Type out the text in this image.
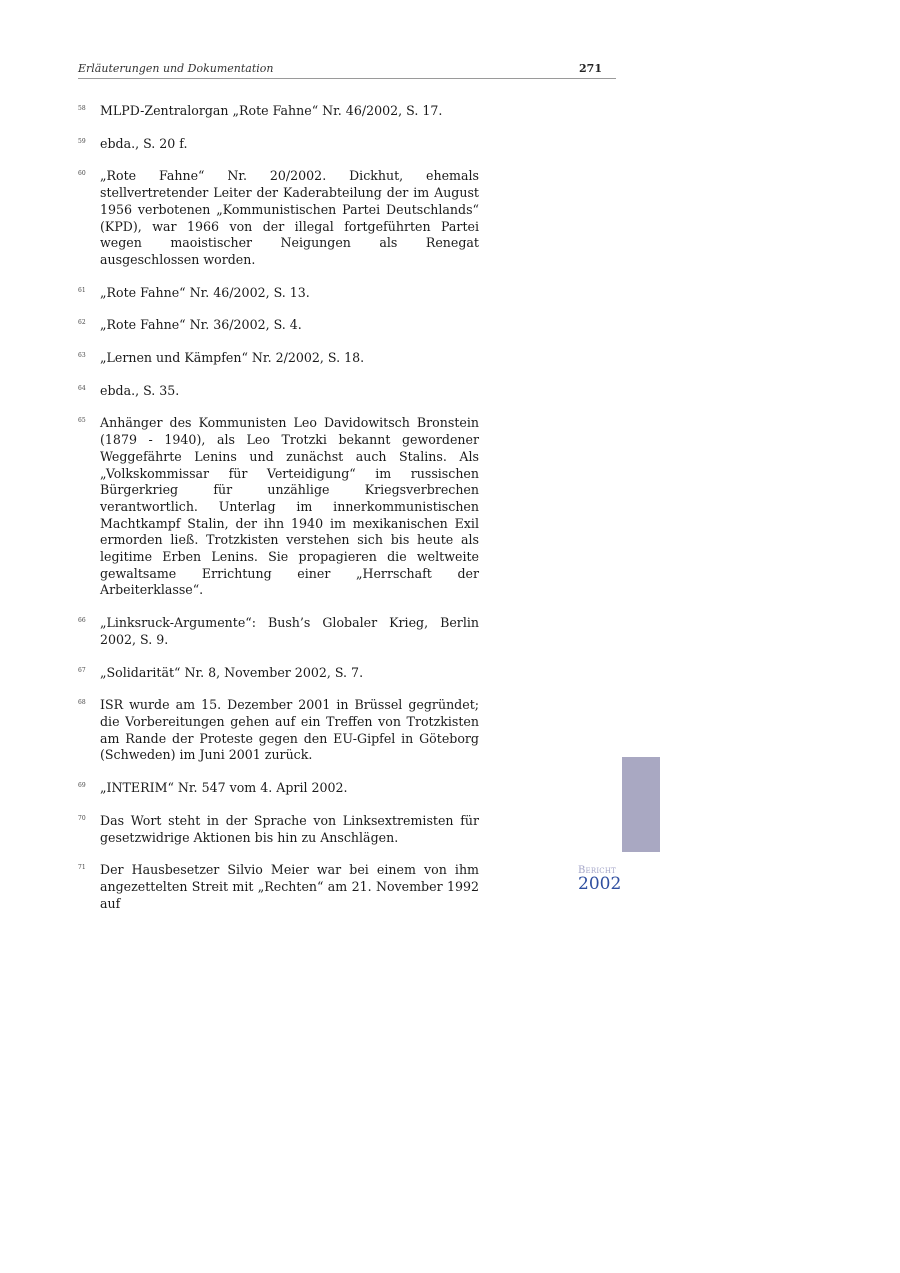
Erläuterungen und Dokumentation	271
58 MLPD-Zentralorgan „Rote Fahne“ Nr. 46/2002, S. 17.
59 ebda., S. 20 f.
60 „Rote Fahne“ Nr. 20/2002. Dickhut, ehemals stellvertretender Leiter der Kaderabteilung der im August 1956 verbotenen „Kommunistischen Partei Deutschlands“ (KPD), war 1966 von der illegal fortgeführten Partei wegen maoistischer Neigungen als Renegat ausgeschlossen worden.
61 „Rote Fahne“ Nr. 46/2002, S. 13.
62 „Rote Fahne“ Nr. 36/2002, S. 4.
63 „Lernen und Kämpfen“ Nr. 2/2002, S. 18.
64 ebda., S. 35.
65 Anhänger des Kommunisten Leo Davidowitsch Bronstein (1879 - 1940), als Leo Trotzki bekannt gewordener Weggefährte Lenins und zunächst auch Stalins. Als „Volkskommissar für Verteidigung“ im russischen Bürgerkrieg für unzählige Kriegsverbrechen verantwortlich. Unterlag im innerkommunistischen Machtkampf Stalin, der ihn 1940 im mexikanischen Exil ermorden ließ. Trotzkisten verstehen sich bis heute als legitime Erben Lenins. Sie propagieren die weltweite gewaltsame Errichtung einer „Herrschaft der Arbeiterklasse“.
66 „Linksruck-Argumente“: Bush’s Globaler Krieg, Berlin 2002, S. 9.
67 „Solidarität“ Nr. 8, November 2002, S. 7.
68 ISR wurde am 15. Dezember 2001 in Brüssel gegründet; die Vorbereitungen gehen auf ein Treffen von Trotzkisten am Rande der Proteste gegen den EU-Gipfel in Göteborg (Schweden) im Juni 2001 zurück.
69 „INTERIM“ Nr. 547 vom 4. April 2002.
70 Das Wort steht in der Sprache von Linksextremisten für gesetzwidrige Aktionen bis hin zu Anschlägen.
71 Der Hausbesetzer Silvio Meier war bei einem von ihm angezettelten Streit mit „Rechten“ am 21. November 1992 auf
Bericht
2002
